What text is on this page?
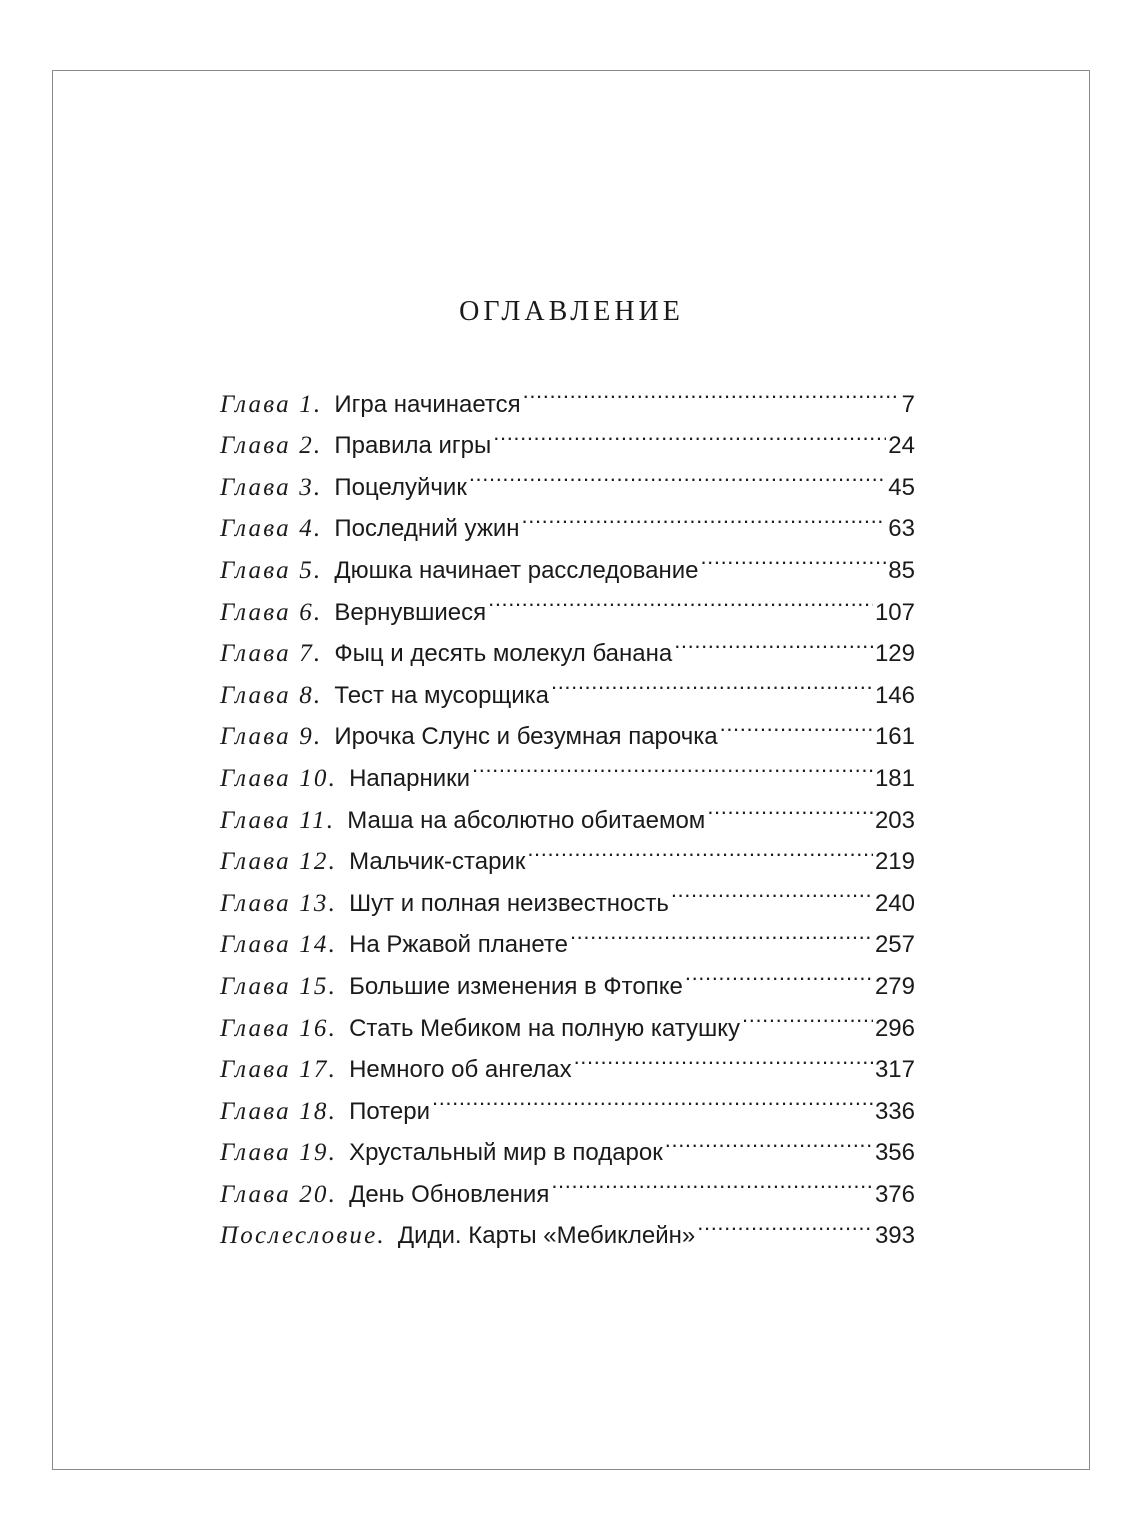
ОГЛАВЛЕНИЕ
Глава 1. Игра начинается .....	7
Глава 2. Правила игры .....	24
Глава 3. Поцелуйчик .....	45
Глава 4. Последний ужин .....	63
Глава 5. Дюшка начинает расследование .....	85
Глава 6. Вернувшиеся .....	107
Глава 7. Фыц и десять молекул банана .....	129
Глава 8. Тест на мусорщика .....	146
Глава 9. Ирочка Слунс и безумная парочка .....	161
Глава 10. Напарники .....	181
Глава 11. Маша на абсолютно обитаемом .....	203
Глава 12. Мальчик-старик .....	219
Глава 13. Шут и полная неизвестность .....	240
Глава 14. На Ржавой планете .....	257
Глава 15. Большие изменения в Фтопке .....	279
Глава 16. Стать Мебиком на полную катушку .....	296
Глава 17. Немного об ангелах .....	317
Глава 18. Потери .....	336
Глава 19. Хрустальный мир в подарок .....	356
Глава 20. День Обновления .....	376
Послесловие. Диди. Карты «Мебиклейн» .....	393
